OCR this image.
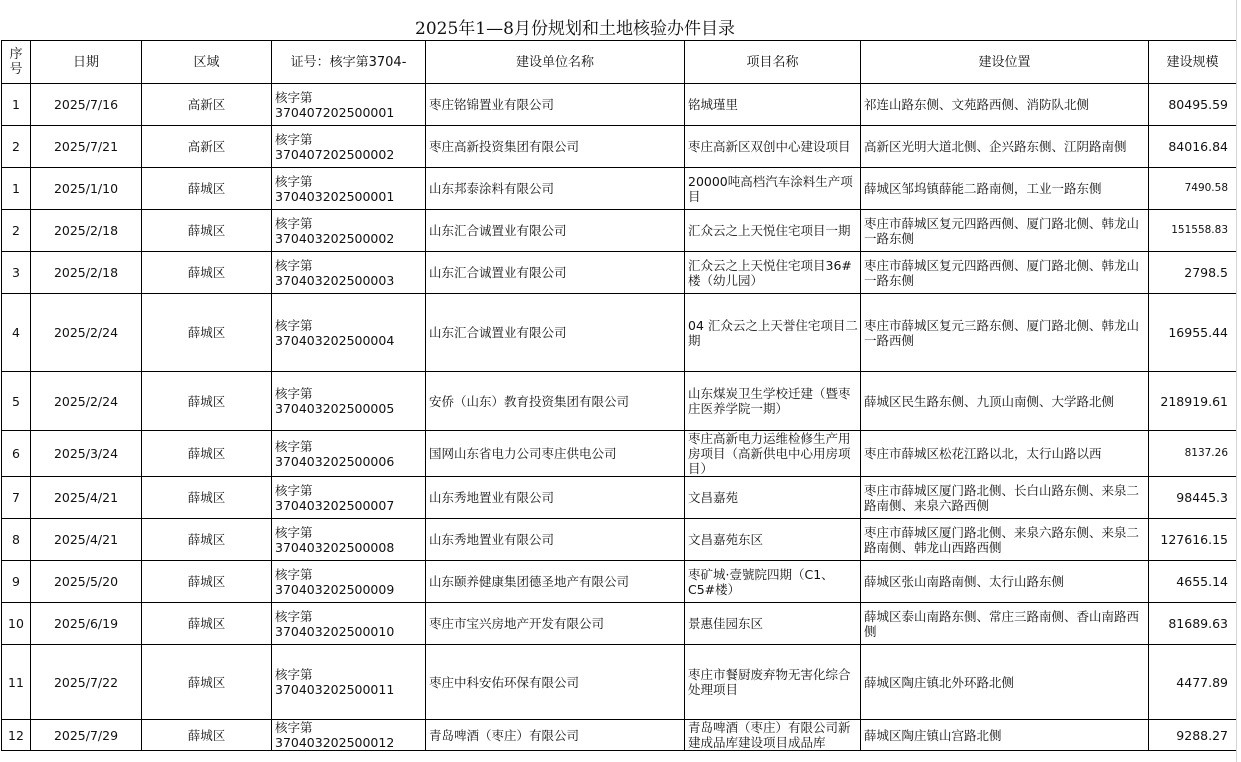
2025年1—8月份规划和土地核验办件目录
序号	日期	区域	证号：核字第3704-	建设单位名称	项目名称	建设位置	建设规模
1	2025/7/16	高新区	核字第370407202500001	枣庄铭锦置业有限公司	铭城瑾里	祁连山路东侧、文苑路西侧、消防队北侧	80495.59
2	2025/7/21	高新区	核字第370407202500002	枣庄高新投资集团有限公司	枣庄高新区双创中心建设项目	高新区光明大道北侧、企兴路东侧、江阴路南侧	84016.84
1	2025/1/10	薛城区	核字第370403202500001	山东邦泰涂料有限公司	20000吨高档汽车涂料生产项目	薛城区邹坞镇薛能二路南侧，工业一路东侧	7490.58
2	2025/2/18	薛城区	核字第370403202500002	山东汇合诚置业有限公司	汇众云之上天悦住宅项目一期	枣庄市薛城区复元四路西侧、厦门路北侧、韩龙山一路东侧	151558.83
3	2025/2/18	薛城区	核字第370403202500003	山东汇合诚置业有限公司	汇众云之上天悦住宅项目36#楼（幼儿园）	枣庄市薛城区复元四路西侧、厦门路北侧、韩龙山一路东侧	2798.5
4	2025/2/24	薛城区	核字第370403202500004	山东汇合诚置业有限公司	04 汇众云之上天誉住宅项目二期	枣庄市薛城区复元三路东侧、厦门路北侧、韩龙山一路西侧	16955.44
5	2025/2/24	薛城区	核字第370403202500005	安侨（山东）教育投资集团有限公司	山东煤炭卫生学校迁建（暨枣庄医养学院一期）	薛城区民生路东侧、九顶山南侧、大学路北侧	218919.61
6	2025/3/24	薛城区	核字第370403202500006	国网山东省电力公司枣庄供电公司	枣庄高新电力运维检修生产用房项目（高新供电中心用房项目）	枣庄市薛城区松花江路以北，太行山路以西	8137.26
7	2025/4/21	薛城区	核字第370403202500007	山东秀地置业有限公司	文昌嘉苑	枣庄市薛城区厦门路北侧、长白山路东侧、来泉二路南侧、来泉六路西侧	98445.3
8	2025/4/21	薛城区	核字第370403202500008	山东秀地置业有限公司	文昌嘉苑东区	枣庄市薛城区厦门路北侧、来泉六路东侧、来泉二路南侧、韩龙山西路西侧	127616.15
9	2025/5/20	薛城区	核字第370403202500009	山东颐养健康集团德圣地产有限公司	枣矿城·壹號院四期（C1、C5#楼）	薛城区张山南路南侧、太行山路东侧	4655.14
10	2025/6/19	薛城区	核字第370403202500010	枣庄市宝兴房地产开发有限公司	景惠佳园东区	薛城区泰山南路东侧、常庄三路南侧、香山南路西侧	81689.63
11	2025/7/22	薛城区	核字第370403202500011	枣庄中科安佑环保有限公司	枣庄市餐厨废弃物无害化综合处理项目	薛城区陶庄镇北外环路北侧	4477.89
12	2025/7/29	薛城区	核字第370403202500012	青岛啤酒（枣庄）有限公司	青岛啤酒（枣庄）有限公司新建成品库建设项目成品库	薛城区陶庄镇山宫路北侧	9288.27
